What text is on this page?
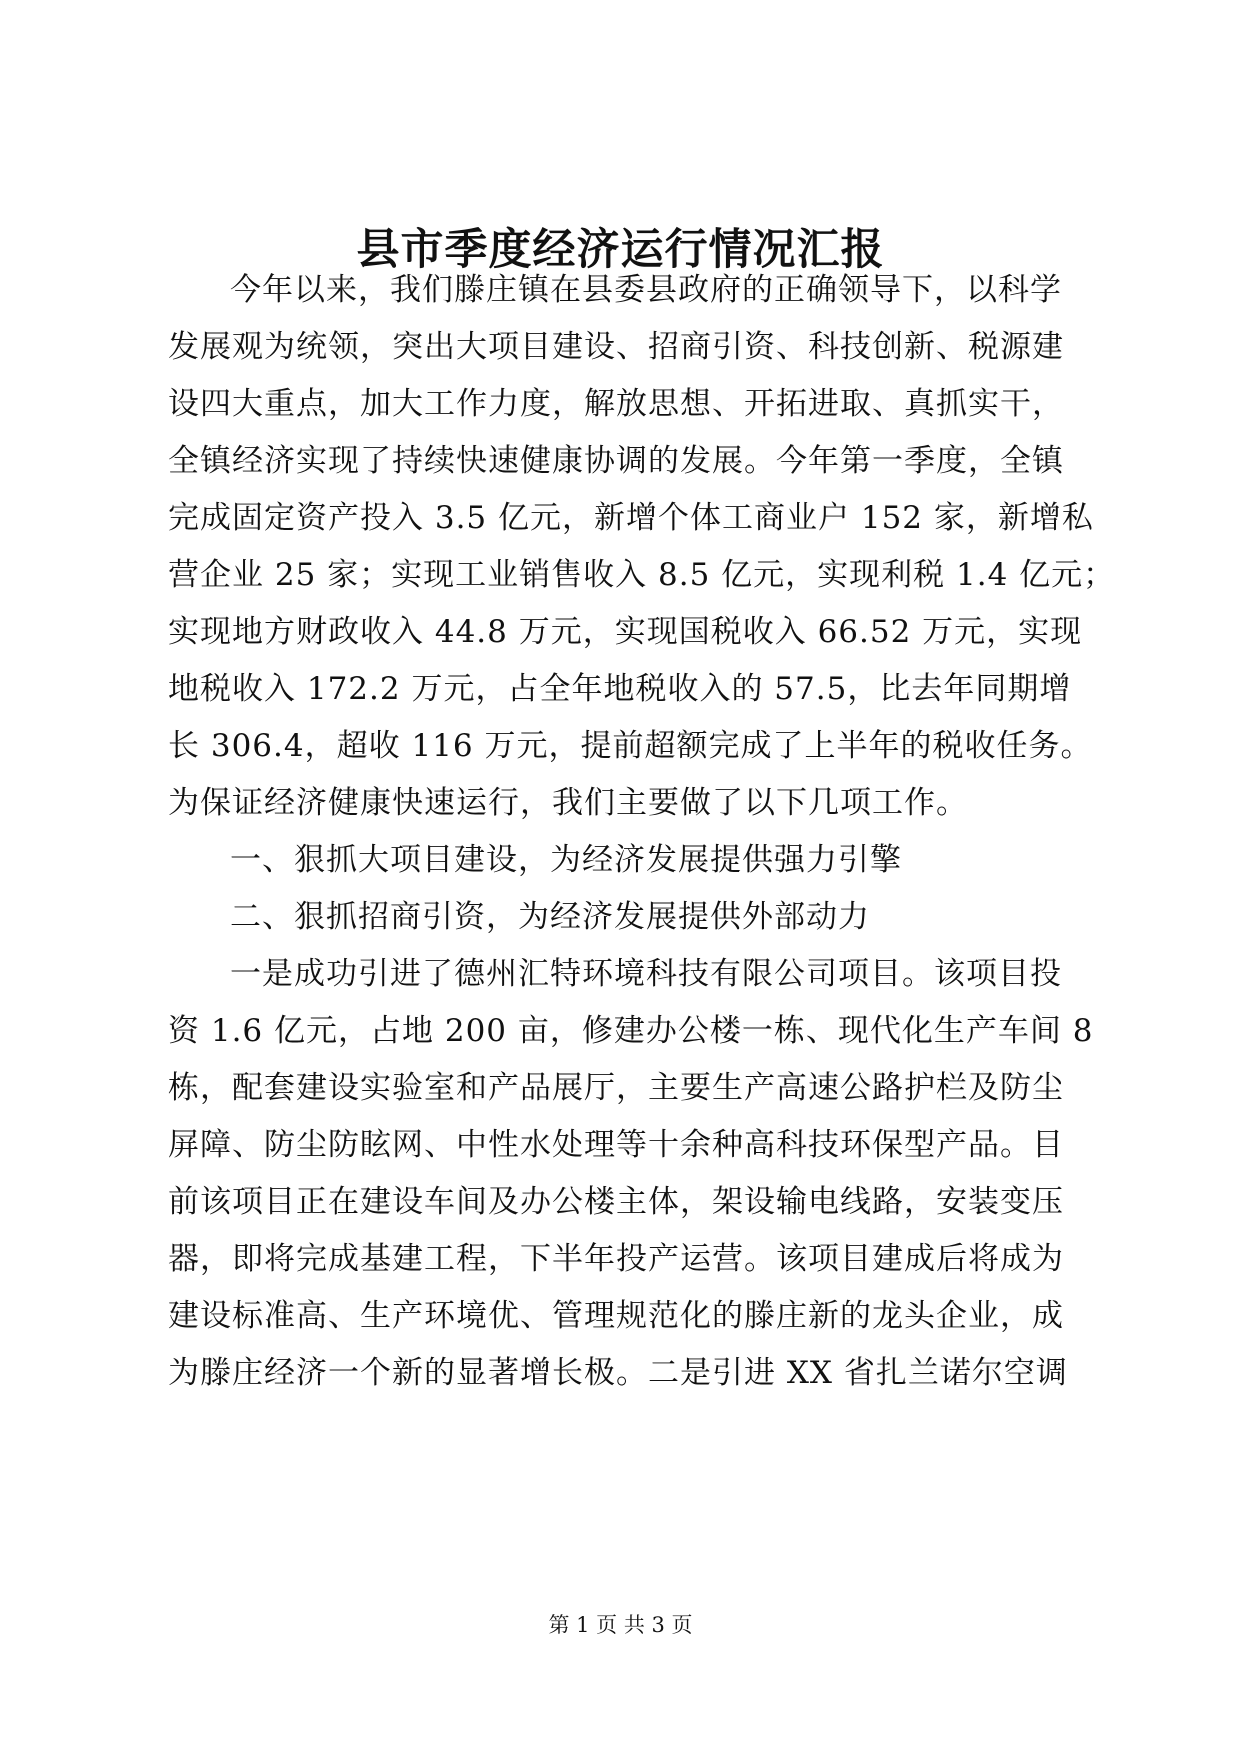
县市季度经济运行情况汇报
今年以来，我们滕庄镇在县委县政府的正确领导下，以科学
发展观为统领，突出大项目建设、招商引资、科技创新、税源建
设四大重点，加大工作力度，解放思想、开拓进取、真抓实干，
全镇经济实现了持续快速健康协调的发展。今年第一季度，全镇
完成固定资产投入 3.5 亿元，新增个体工商业户 152 家，新增私
营企业 25 家；实现工业销售收入 8.5 亿元，实现利税 1.4 亿元；
实现地方财政收入 44.8 万元，实现国税收入 66.52 万元，实现
地税收入 172.2 万元，占全年地税收入的 57.5，比去年同期增
长 306.4，超收 116 万元，提前超额完成了上半年的税收任务。
为保证经济健康快速运行，我们主要做了以下几项工作。
一、狠抓大项目建设，为经济发展提供强力引擎
二、狠抓招商引资，为经济发展提供外部动力
一是成功引进了德州汇特环境科技有限公司项目。该项目投
资 1.6 亿元，占地 200 亩，修建办公楼一栋、现代化生产车间 8
栋，配套建设实验室和产品展厅，主要生产高速公路护栏及防尘
屏障、防尘防眩网、中性水处理等十余种高科技环保型产品。目
前该项目正在建设车间及办公楼主体，架设输电线路，安装变压
器，即将完成基建工程，下半年投产运营。该项目建成后将成为
建设标准高、生产环境优、管理规范化的滕庄新的龙头企业，成
为滕庄经济一个新的显著增长极。二是引进 XX 省扎兰诺尔空调
第 1 页 共 3 页
